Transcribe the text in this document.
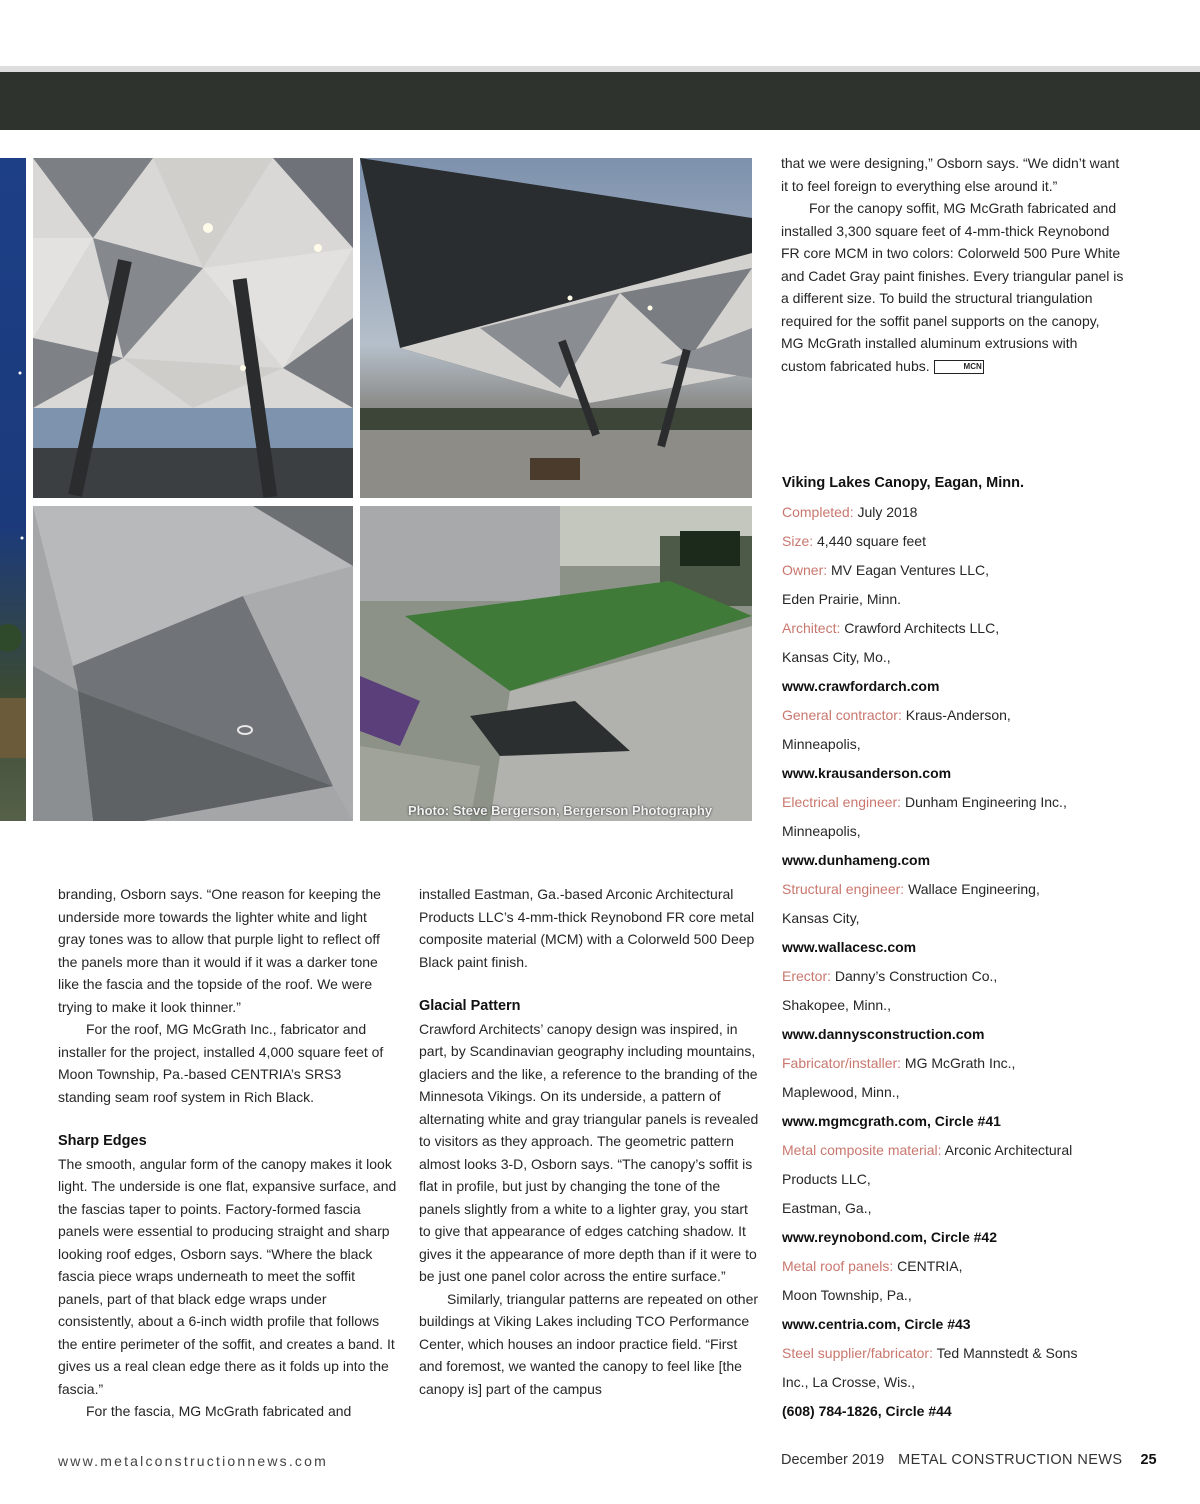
Photo: Steve Bergerson, Bergerson Photography

that we were designing,” Osborn says. “We didn’t want it to feel foreign to everything else around it.”

For the canopy soffit, MG McGrath fabricated and installed 3,300 square feet of 4-mm-thick Reynobond FR core MCM in two colors: Colorweld 500 Pure White and Cadet Gray paint finishes. Every triangular panel is a different size. To build the structural triangulation required for the soffit panel supports on the canopy, MG McGrath installed aluminum extrusions with custom fabricated hubs.	MCN

branding, Osborn says. “One reason for keeping the underside more towards the lighter white and light gray tones was to allow that purple light to reflect off the panels more than it would if it was a darker tone like the fascia and the topside of the roof. We were trying to make it look thinner.”

For the roof, MG McGrath Inc., fabricator and installer for the project, installed 4,000 square feet of Moon Township, Pa.-based CENTRIA’s SRS3 standing seam roof system in Rich Black.

Sharp Edges

The smooth, angular form of the canopy makes it look light. The underside is one flat, expansive surface, and the fascias taper to points. Factory-formed fascia panels were essential to producing straight and sharp looking roof edges, Osborn says. “Where the black fascia piece wraps underneath to meet the soffit panels, part of that black edge wraps under consistently, about a 6-inch width profile that follows the entire perimeter of the soffit, and creates a band. It gives us a real clean edge there as it folds up into the fascia.”

For the fascia, MG McGrath fabricated and

installed Eastman, Ga.-based Arconic Architectural Products LLC’s 4-mm-thick Reynobond FR core metal composite material (MCM) with a Colorweld 500 Deep Black paint finish.

Glacial Pattern

Crawford Architects’ canopy design was inspired, in part, by Scandinavian geography including mountains, glaciers and the like, a reference to the branding of the Minnesota Vikings. On its underside, a pattern of alternating white and gray triangular panels is revealed to visitors as they approach. The geometric pattern almost looks 3-D, Osborn says. “The canopy’s soffit is flat in profile, but just by changing the tone of the panels slightly from a white to a lighter gray, you start to give that appearance of edges catching shadow. It gives it the appearance of more depth than if it were to be just one panel color across the entire surface.”

Similarly, triangular patterns are repeated on other buildings at Viking Lakes including TCO Performance Center, which houses an indoor practice field. “First and foremost, we wanted the canopy to feel like [the canopy is] part of the campus

Viking Lakes Canopy, Eagan, Minn.
Completed: July 2018
Size: 4,440 square feet
Owner: MV Eagan Ventures LLC,
Eden Prairie, Minn.
Architect: Crawford Architects LLC,
Kansas City, Mo.,
www.crawfordarch.com
General contractor: Kraus-Anderson,
Minneapolis,
www.krausanderson.com
Electrical engineer: Dunham Engineering Inc.,
Minneapolis,
www.dunhameng.com
Structural engineer: Wallace Engineering,
Kansas City,
www.wallacesc.com
Erector: Danny’s Construction Co.,
Shakopee, Minn.,
www.dannysconstruction.com
Fabricator/installer: MG McGrath Inc.,
Maplewood, Minn.,
www.mgmcgrath.com, Circle #41
Metal composite material: Arconic Architectural
Products LLC,
Eastman, Ga.,
www.reynobond.com, Circle #42
Metal roof panels: CENTRIA,
Moon Township, Pa.,
www.centria.com, Circle #43
Steel supplier/fabricator: Ted Mannstedt & Sons
Inc., La Crosse, Wis.,
(608) 784-1826, Circle #44
www.metalconstructionnews.com	December 2019 METAL CONSTRUCTION NEWS 25
